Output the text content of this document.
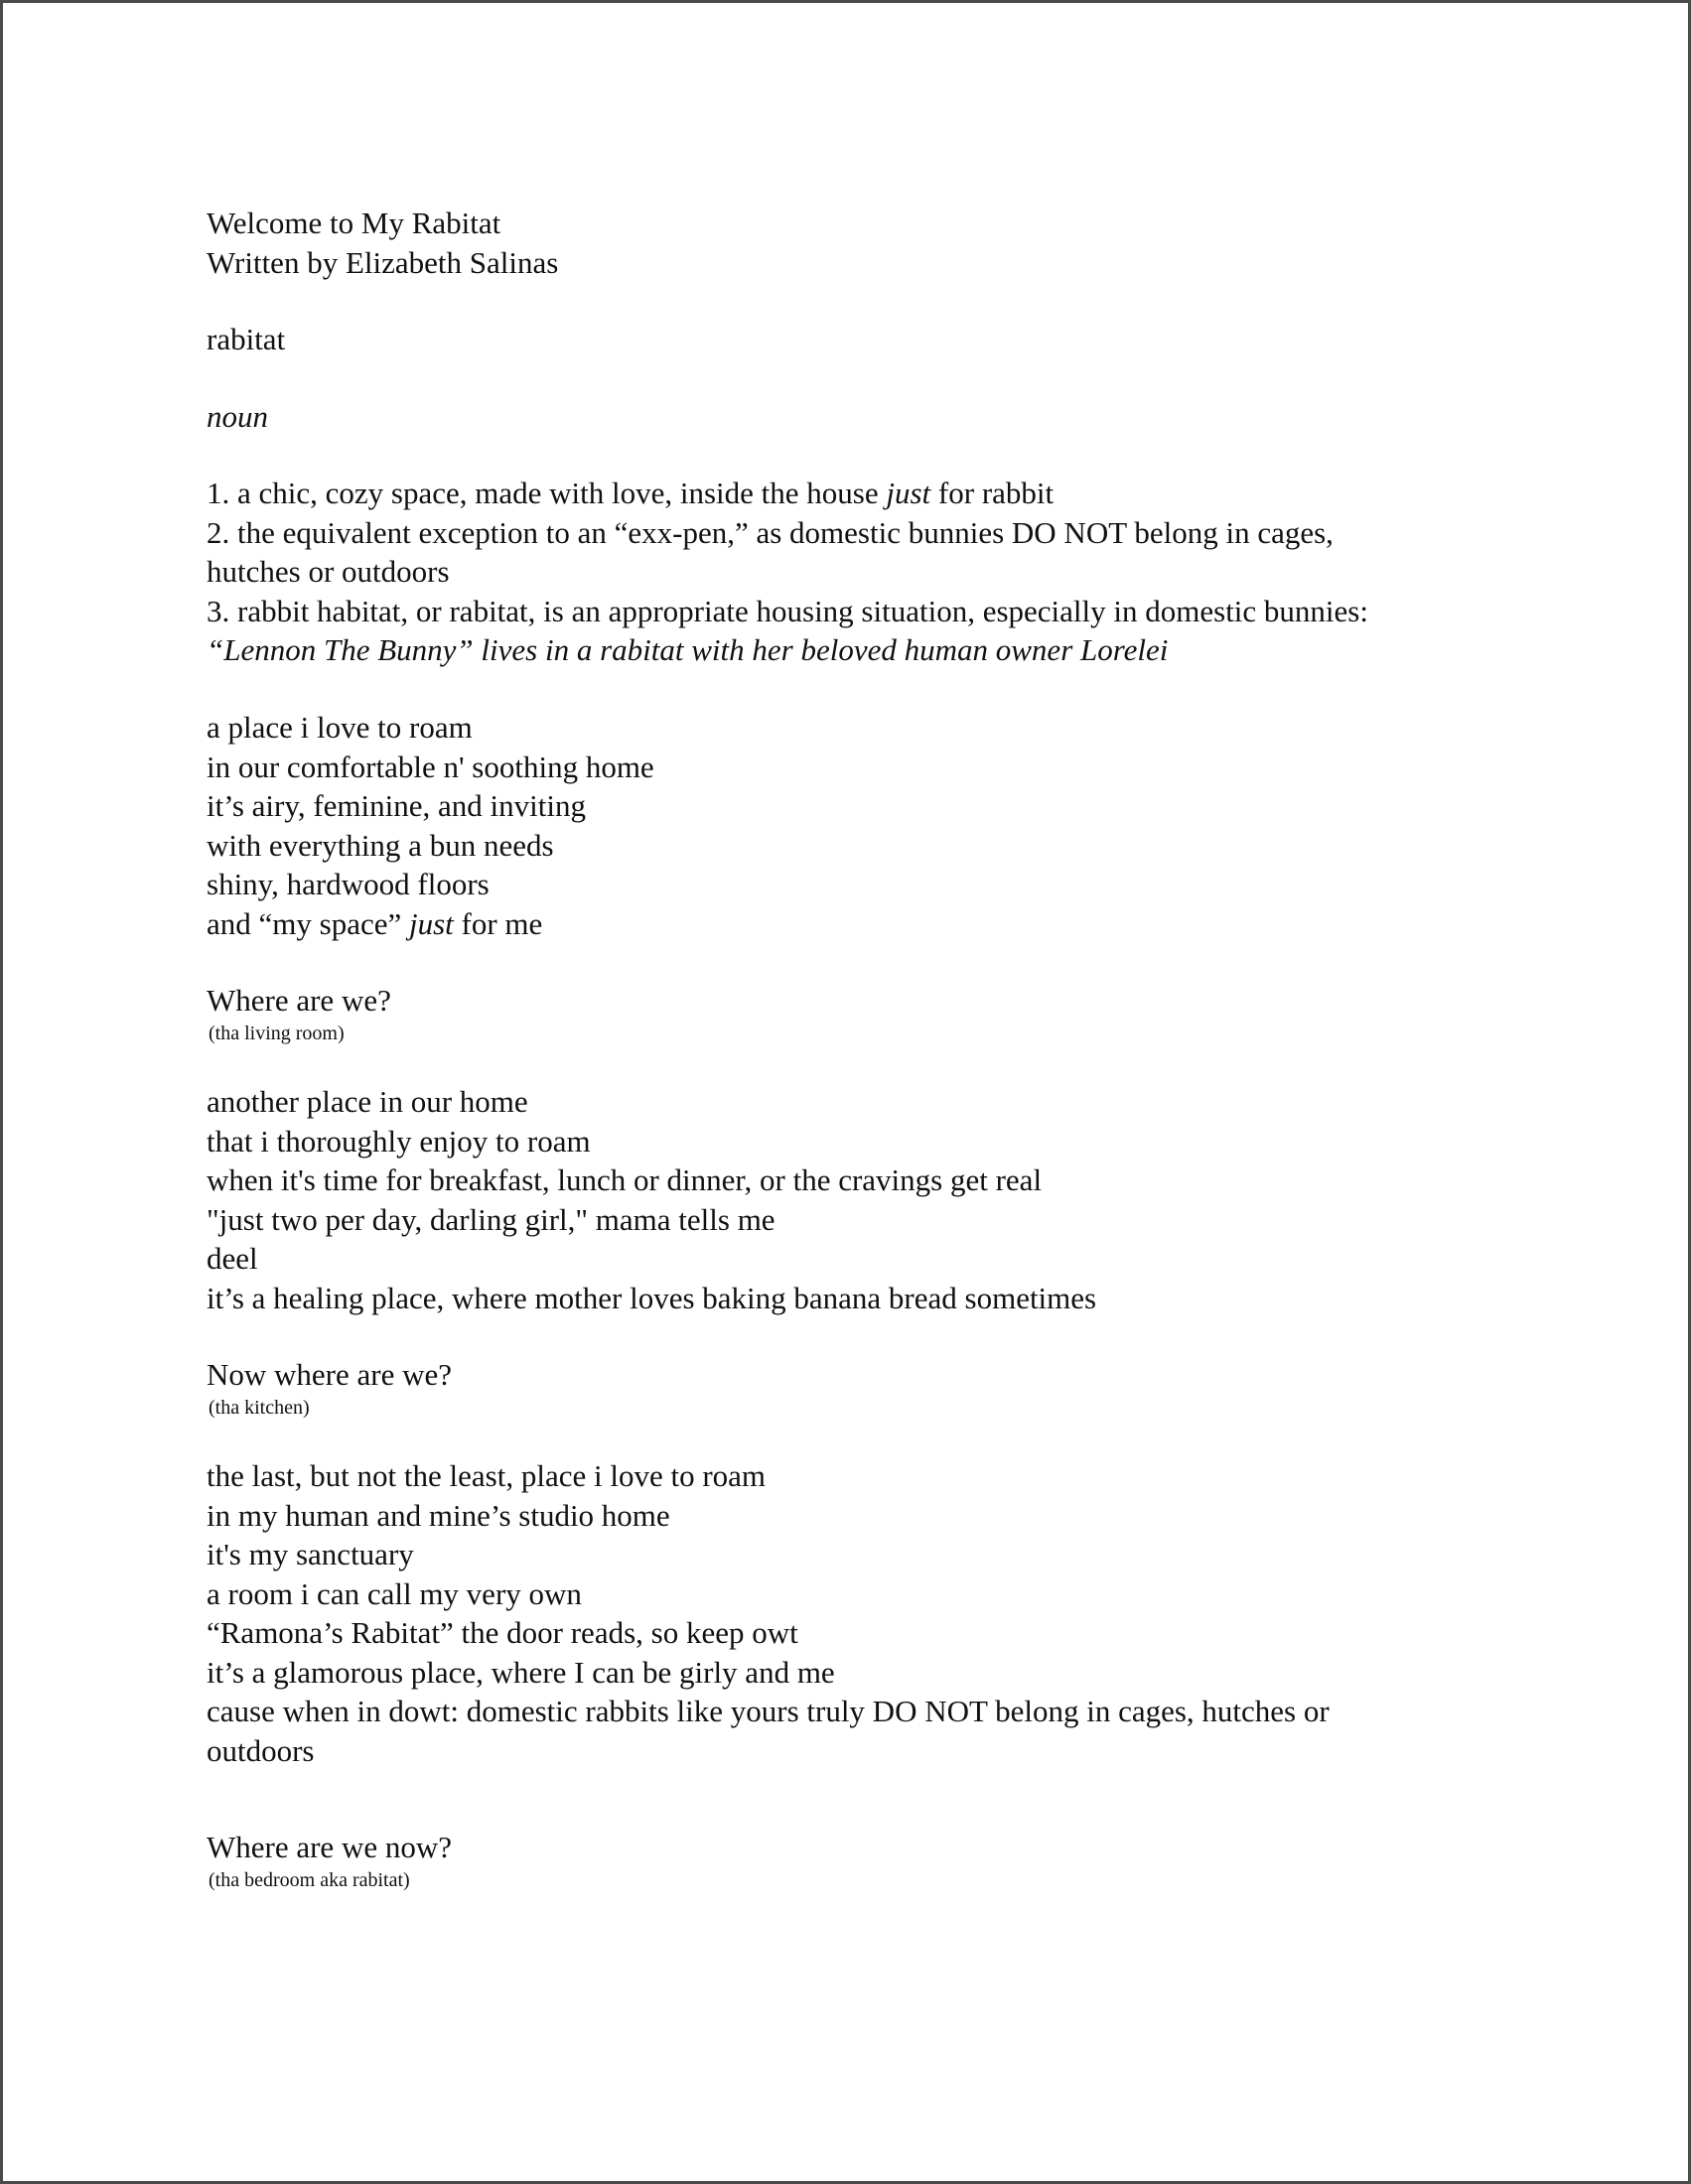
Welcome to My Rabitat
Written by Elizabeth Salinas
rabitat
noun
1. a chic, cozy space, made with love, inside the house just for rabbit
2. the equivalent exception to an “exx-pen,” as domestic bunnies DO NOT belong in cages,
hutches or outdoors
3. rabbit habitat, or rabitat, is an appropriate housing situation, especially in domestic bunnies:
“Lennon The Bunny” lives in a rabitat with her beloved human owner Lorelei
a place i love to roam
in our comfortable n' soothing home
it’s airy, feminine, and inviting
with everything a bun needs
shiny, hardwood floors
and “my space” just for me
Where are we?
(tha living room)
another place in our home
that i thoroughly enjoy to roam
when it's time for breakfast, lunch or dinner, or the cravings get real
"just two per day, darling girl," mama tells me
deel
it’s a healing place, where mother loves baking banana bread sometimes
Now where are we?
(tha kitchen)
the last, but not the least, place i love to roam
in my human and mine’s studio home
it's my sanctuary
a room i can call my very own
“Ramona’s Rabitat” the door reads, so keep owt
it’s a glamorous place, where I can be girly and me
cause when in dowt: domestic rabbits like yours truly DO NOT belong in cages, hutches or
outdoors
Where are we now?
(tha bedroom aka rabitat)
